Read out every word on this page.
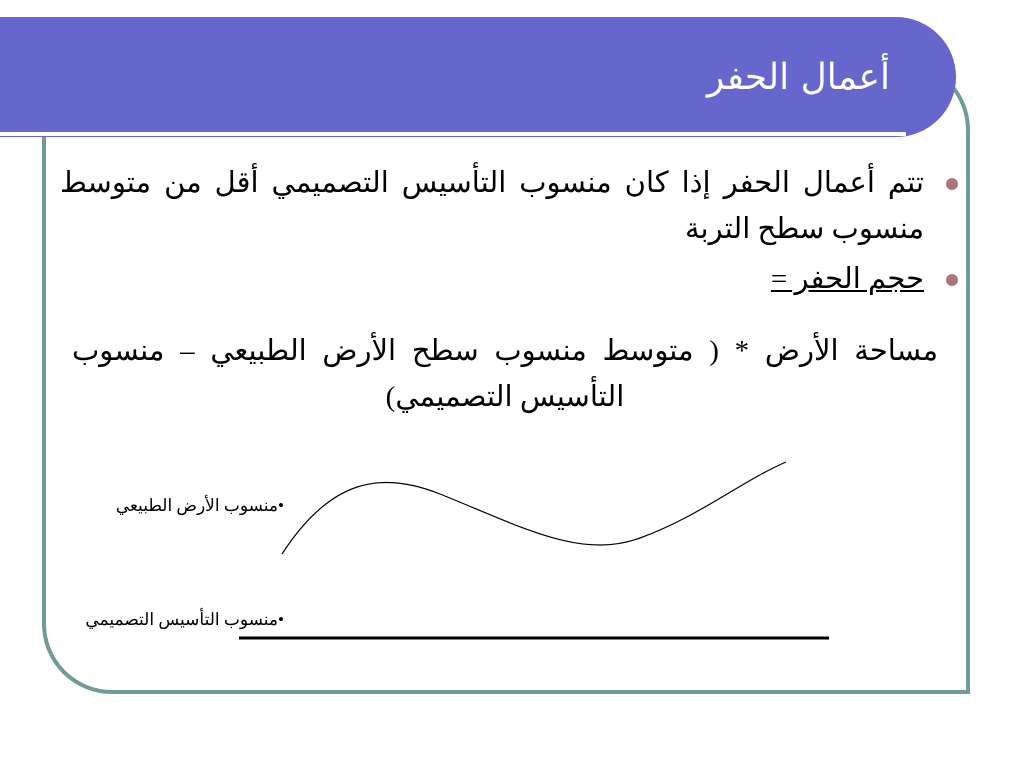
أعمال الحفر
تتم أعمال الحفر إذا كان منسوب التأسيس التصميمي أقل من متوسط منسوب سطح التربة
حجم الحفر =
مساحة الأرض * ( متوسط منسوب سطح الأرض الطبيعي – منسوب التأسيس التصميمي)
•منسوب الأرض الطبيعي
•منسوب التأسيس التصميمي
